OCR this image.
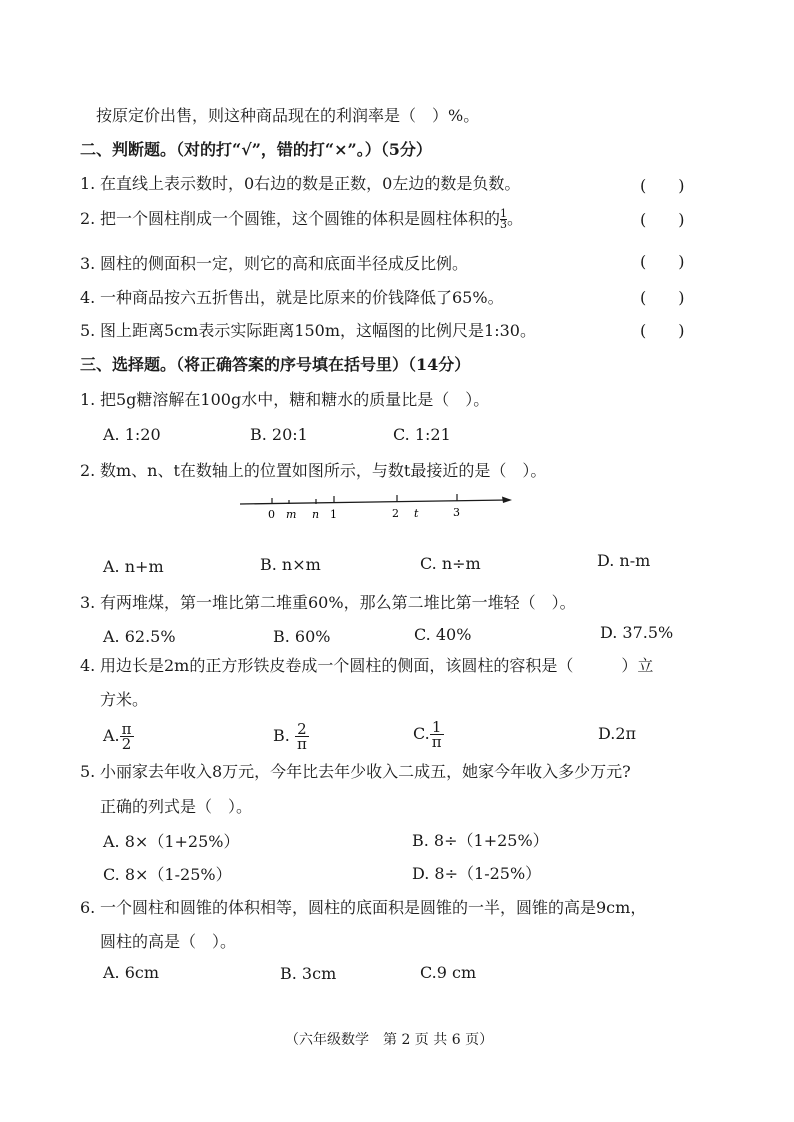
按原定价出售，则这种商品现在的利润率是（　）%。
二、判断题。（对的打“√”，错的打“×”。）（5分）
1. 在直线上表示数时，0右边的数是正数，0左边的数是负数。	(　　)
2. 把一个圆柱削成一个圆锥，这个圆锥的体积是圆柱体积的 $\frac{1}{3}$ 。	(　　)
3. 圆柱的侧面积一定，则它的高和底面半径成反比例。	(　　)
4. 一种商品按六五折售出，就是比原来的价钱降低了65%。	(　　)
5. 图上距离5cm表示实际距离150m，这幅图的比例尺是1:30。	(　　)
三、选择题。（将正确答案的序号填在括号里）（14分）
1. 把5g糖溶解在100g水中，糖和糖水的质量比是（　）。
A. 1:20	B. 20:1	C. 1:21
2. 数m、n、t在数轴上的位置如图所示，与数t最接近的是（　）。
0 m n 1	2 t	3
A. n+m	B. n×m	C. n÷m	D. n-m
3. 有两堆煤，第一堆比第二堆重60%，那么第二堆比第一堆轻（　）。
A. 62.5%	B. 60%	C. 40%	D. 37.5%
4. 用边长是2m的正方形铁皮卷成一个圆柱的侧面，该圆柱的容积是（　　　）立
方米。
A. $\frac{\pi}{2}$	B. $\frac{2}{\pi}$	C. $\frac{1}{\pi}$	D.2π
5. 小丽家去年收入8万元，今年比去年少收入二成五，她家今年收入多少万元?
正确的列式是（　）。
A. 8×（1+25%）	B. 8÷（1+25%）
C. 8×（1-25%）	D. 8÷（1-25%）
6. 一个圆柱和圆锥的体积相等，圆柱的底面积是圆锥的一半，圆锥的高是9cm，
圆柱的高是（　）。
A. 6cm	B. 3cm	C.9 cm
（六年级数学　第 2 页 共 6 页）
